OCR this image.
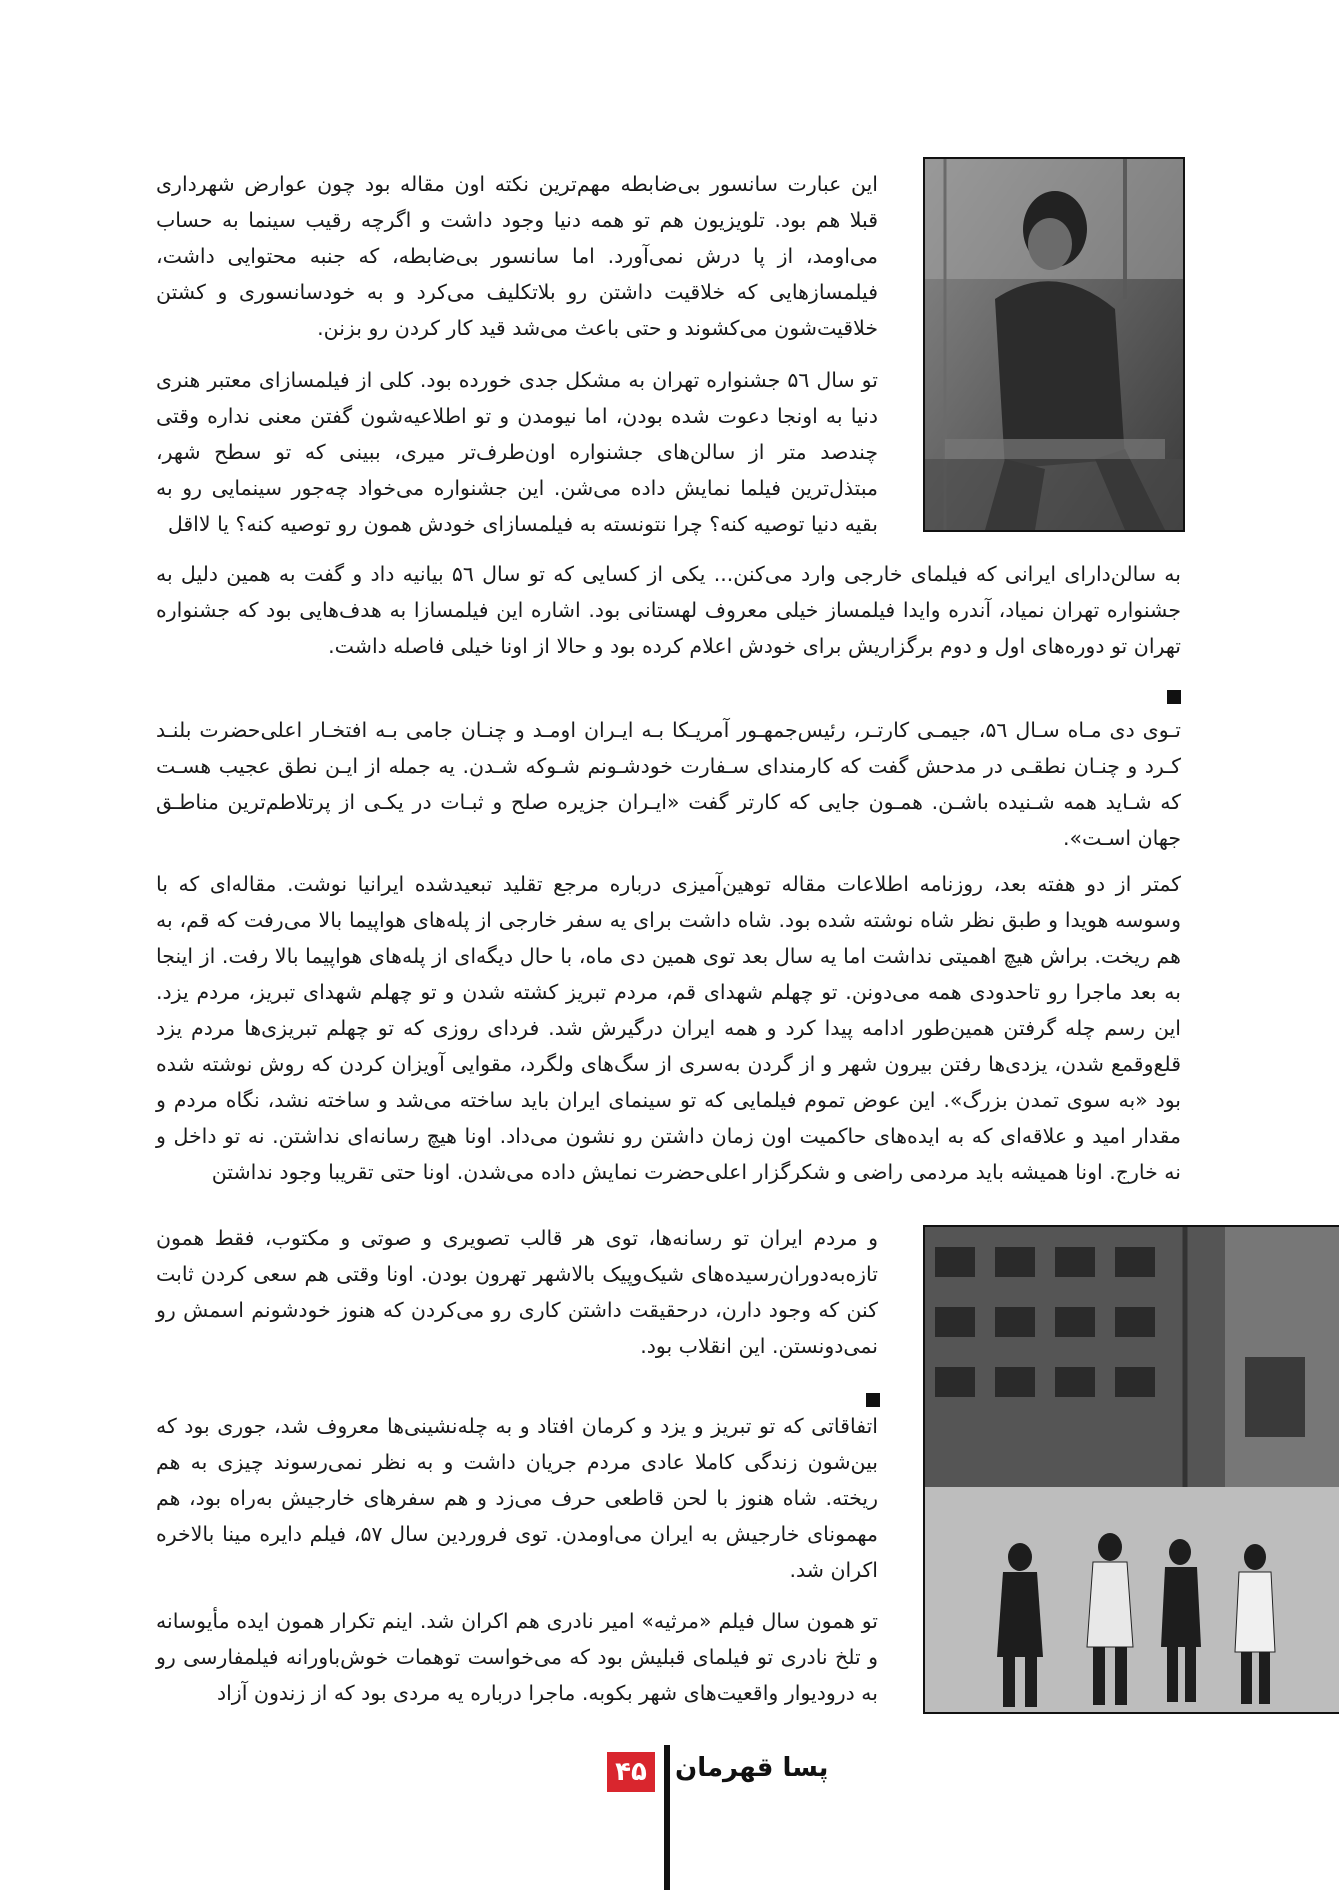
این عبارت سانسور بی‌ضابطه مهم‌ترین نکته اون مقاله بود چون عوارض شهرداری قبلا هم بود. تلویزیون هم تو همه دنیا وجود داشت و اگرچه رقیب سینما به حساب می‌اومد، از پا درش نمی‌آورد. اما سانسور بی‌ضابطه، که جنبه محتوایی داشت، فیلمسازهایی که خلاقیت داشتن رو بلاتکلیف می‌کرد و به خودسانسوری و کشتن خلاقیت‌شون می‌کشوند و حتی باعث می‌شد قید کار کردن رو بزنن.

تو سال ۵٦ جشنواره تهران به مشکل جدی خورده بود. کلی از فیلمسازای معتبر هنری دنیا به اونجا دعوت شده بودن، اما نیومدن و تو اطلاعیه‌شون گفتن معنی نداره وقتی چندصد متر از سالن‌های جشنواره اون‌طرف‌تر میری، ببینی که تو سطح شهر، مبتذل‌ترین فیلما نمایش داده می‌شن. این جشنواره می‌خواد چه‌جور سینمایی رو به بقیه دنیا توصیه کنه؟ چرا نتونسته به فیلمسازای خودش همون رو توصیه کنه؟ یا لااقل

به سالن‌دارای ایرانی که فیلمای خارجی وارد می‌کنن... یکی از کسایی که تو سال ۵٦ بیانیه داد و گفت به همین دلیل به جشنواره تهران نمیاد، آندره وایدا فیلمساز خیلی معروف لهستانی بود. اشاره این فیلمسازا به هدف‌هایی بود که جشنواره تهران تو دوره‌های اول و دوم برگزاریش برای خودش اعلام کرده بود و حالا از اونا خیلی فاصله داشت.

تـوی دی مـاه سـال ۵٦، جیمـی کارتـر، رئیس‌جمهـور آمریـکا بـه ایـران اومـد و چنـان جامی بـه افتخـار اعلی‌حضرت بلنـد کـرد و چنـان نطقـی در مدحش گفت که کارمندای سـفارت خودشـونم شـوکه شـدن. یه جمله از ایـن نطق عجیب هسـت که شـاید همه شـنیده باشـن. همـون جایی که کارتر گفت «ایـران جزیره صلح و ثبـات در یکـی از پرتلاطم‌ترین مناطـق جهان اسـت».

کمتر از دو هفته بعد، روزنامه اطلاعات مقاله توهین‌آمیزی درباره مرجع تقلید تبعیدشده ایرانیا نوشت. مقاله‌ای که با وسوسه هویدا و طبق نظر شاه نوشته شده بود. شاه داشت برای یه سفر خارجی از پله‌های هواپیما بالا می‌رفت که قم، به هم ریخت. براش هیچ اهمیتی نداشت اما یه سال بعد توی همین دی ماه، با حال دیگه‌ای از پله‌های هواپیما بالا رفت. از اینجا به بعد ماجرا رو تاحدودی همه می‌دونن. تو چهلم شهدای قم، مردم تبریز کشته شدن و تو چهلم شهدای تبریز، مردم یزد. این رسم چله گرفتن همین‌طور ادامه پیدا کرد و همه ایران درگیرش شد. فردای روزی که تو چهلم تبریزی‌ها مردم یزد قلع‌وقمع شدن، یزدی‌ها رفتن بیرون شهر و از گردن به‌سری از سگ‌های ولگرد، مقوایی آویزان کردن که روش نوشته شده بود «به سوی تمدن بزرگ». این عوض تموم فیلمایی که تو سینمای ایران باید ساخته می‌شد و ساخته نشد، نگاه مردم و مقدار امید و علاقه‌ای که به ایده‌های حاکمیت اون زمان داشتن رو نشون می‌داد. اونا هیچ رسانه‌ای نداشتن. نه تو داخل و نه خارج. اونا همیشه باید مردمی راضی و شکرگزار اعلی‌حضرت نمایش داده می‌شدن. اونا حتی تقریبا وجود نداشتن

و مردم ایران تو رسانه‌ها، توی هر قالب تصویری و صوتی و مکتوب، فقط همون تازه‌به‌دوران‌رسیده‌های شیک‌وپیک بالاشهر تهرون بودن. اونا وقتی هم سعی کردن ثابت کنن که وجود دارن، درحقیقت داشتن کاری رو می‌کردن که هنوز خودشونم اسمش رو نمی‌دونستن. این انقلاب بود.

اتفاقاتی که تو تبریز و یزد و کرمان افتاد و به چله‌نشینی‌ها معروف شد، جوری بود که بین‌شون زندگی کاملا عادی مردم جریان داشت و به نظر نمی‌رسوند چیزی به هم ریخته. شاه هنوز با لحن قاطعی حرف می‌زد و هم سفرهای خارجیش به‌راه بود، هم مهمونای خارجیش به ایران می‌اومدن. توی فروردین سال ۵۷، فیلم دایره مینا بالاخره اکران شد.

تو همون سال فیلم «مرثیه» امیر نادری هم اکران شد. اینم تکرار همون ایده مأیوسانه و تلخ نادری تو فیلمای قبلیش بود که می‌خواست توهمات خوش‌باورانه فیلمفارسی رو به درودیوار واقعیت‌های شهر بکوبه. ماجرا درباره یه مردی بود که از زندون آزاد

۴۵	پسا قهرمان
